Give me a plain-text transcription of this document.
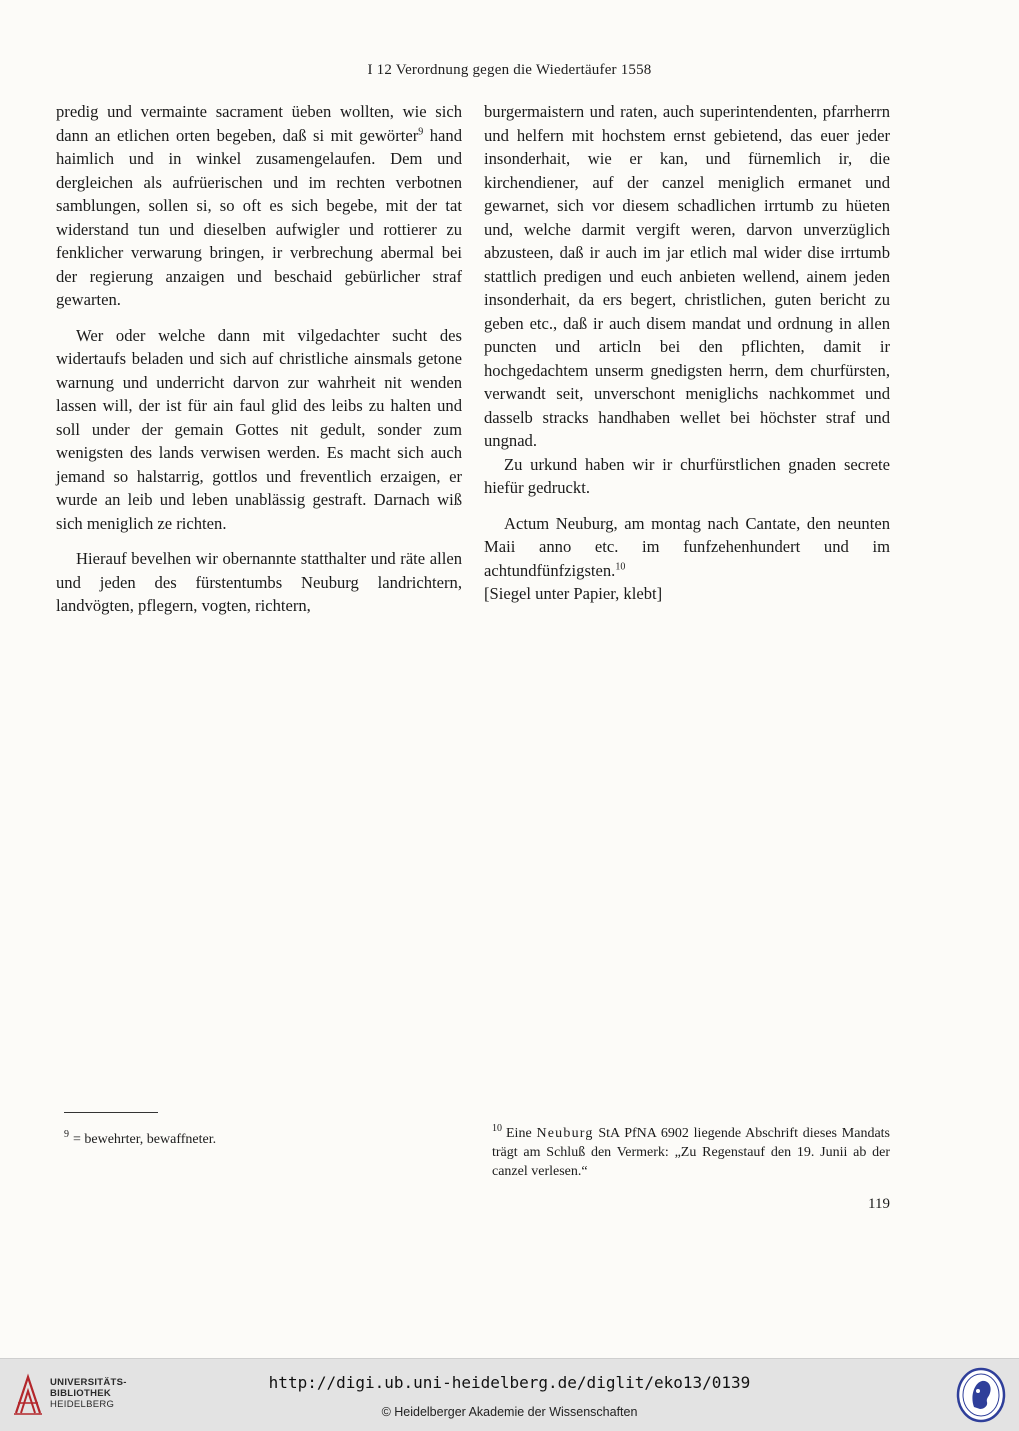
I 12 Verordnung gegen die Wiedertäufer 1558

predig und vermainte sacrament üeben wollten, wie sich dann an etlichen orten begeben, daß si mit gewörter$^9$ hand haimlich und in winkel zusamengelaufen. Dem und dergleichen als aufrüerischen und im rechten verbotnen samblungen, sollen si, so oft es sich begebe, mit der tat widerstand tun und dieselben aufwigler und rottierer zu fenklicher verwarung bringen, ir verbrechung abermal bei der regierung anzaigen und beschaid gebürlicher straf gewarten.

Wer oder welche dann mit vilgedachter sucht des widertaufs beladen und sich auf christliche ainsmals getone warnung und underricht darvon zur wahrheit nit wenden lassen will, der ist für ain faul glid des leibs zu halten und soll under der gemain Gottes nit gedult, sonder zum wenigsten des lands verwisen werden. Es macht sich auch jemand so halstarrig, gottlos und freventlich erzaigen, er wurde an leib und leben unablässig gestraft. Darnach wiß sich meniglich ze richten.

Hierauf bevelhen wir obernannte statthalter und räte allen und jeden des fürstentumbs Neuburg landrichtern, landvögten, pflegern, vogten, richtern,

burgermaistern und raten, auch superintendenten, pfarrherrn und helfern mit hochstem ernst gebietend, das euer jeder insonderhait, wie er kan, und fürnemlich ir, die kirchendiener, auf der canzel meniglich ermanet und gewarnet, sich vor diesem schadlichen irrtumb zu hüeten und, welche darmit vergift weren, darvon unverzüglich abzusteen, daß ir auch im jar etlich mal wider dise irrtumb stattlich predigen und euch anbieten wellend, ainem jeden insonderhait, da ers begert, christlichen, guten bericht zu geben etc., daß ir auch disem mandat und ordnung in allen puncten und articln bei den pflichten, damit ir hochgedachtem unserm gnedigsten herrn, dem churfürsten, verwandt seit, unverschont meniglichs nachkommet und dasselb stracks handhaben wellet bei höchster straf und ungnad.

Zu urkund haben wir ir churfürstlichen gnaden secrete hiefür gedruckt.

Actum Neuburg, am montag nach Cantate, den neunten Maii anno etc. im funfzehenhundert und im achtundfünfzigsten.$^{10}$

[Siegel unter Papier, klebt]

$^9$ = bewehrter, bewaffneter.
$^{10}$ Eine Neuburg StA PfNA 6902 liegende Abschrift dieses Mandats trägt am Schluß den Vermerk: „Zu Regenstauf den 19. Junii ab der canzel verlesen.“
119
UNIVERSITÄTS-
BIBLIOTHEK
HEIDELBERG
http://digi.ub.uni-heidelberg.de/diglit/eko13/0139
© Heidelberger Akademie der Wissenschaften
